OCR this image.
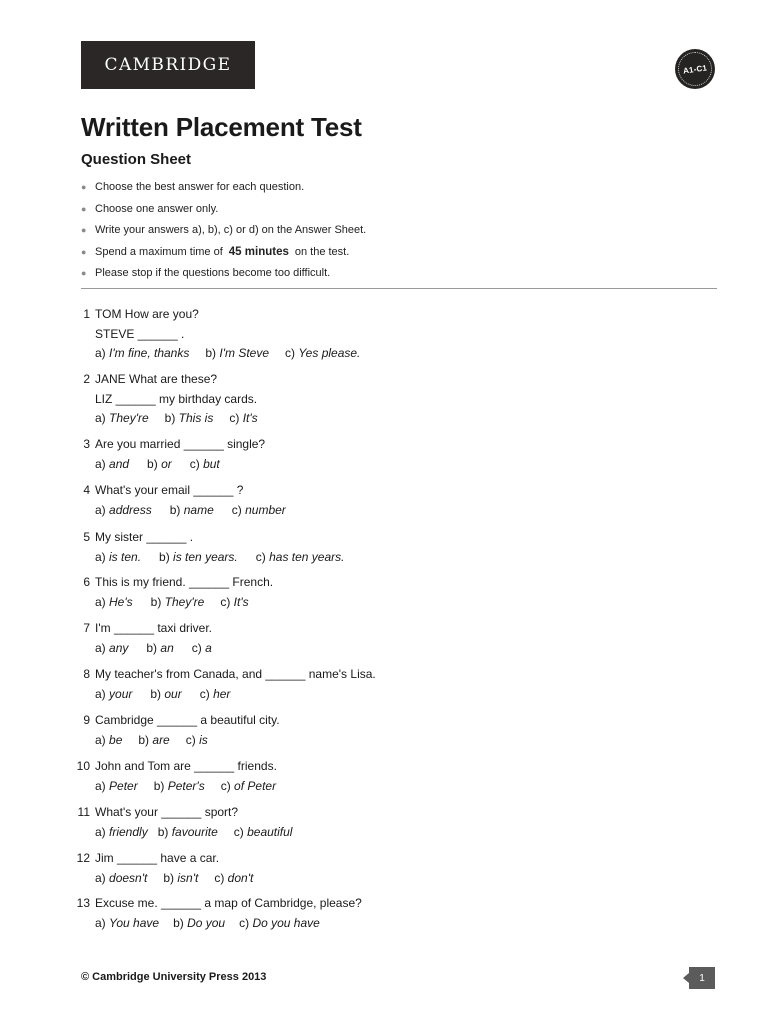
CAMBRIDGE	A1-C1
Written Placement Test
Question Sheet
● Choose the best answer for each question.
● Choose one answer only.
● Write your answers a), b), c) or d) on the Answer Sheet.
● Spend a maximum time of 45 minutes on the test.
● Please stop if the questions become too difficult.
1 TOM How are you?
STEVE ______ .
a) I'm fine, thanks b) I'm Steve c) Yes please.
2 JANE What are these?
LIZ ______ my birthday cards.
a) They're b) This is c) It's
3 Are you married ______ single?
a) and b) or c) but
4 What's your email ______ ?
a) address b) name c) number
5 My sister ______ .
a) is ten. b) is ten years. c) has ten years.
6 This is my friend. ______ French.
a) He's b) They're c) It's
7 I'm ______ taxi driver.
a) any b) an c) a
8 My teacher's from Canada, and ______ name's Lisa.
a) your b) our c) her
9 Cambridge ______ a beautiful city.
a) be b) are c) is
10 John and Tom are ______ friends.
a) Peter b) Peter's c) of Peter
11 What's your ______ sport?
a) friendly b) favourite c) beautiful
12 Jim ______ have a car.
a) doesn't b) isn't c) don't
13 Excuse me. ______ a map of Cambridge, please?
a) You have b) Do you c) Do you have
© Cambridge University Press 2013	1
